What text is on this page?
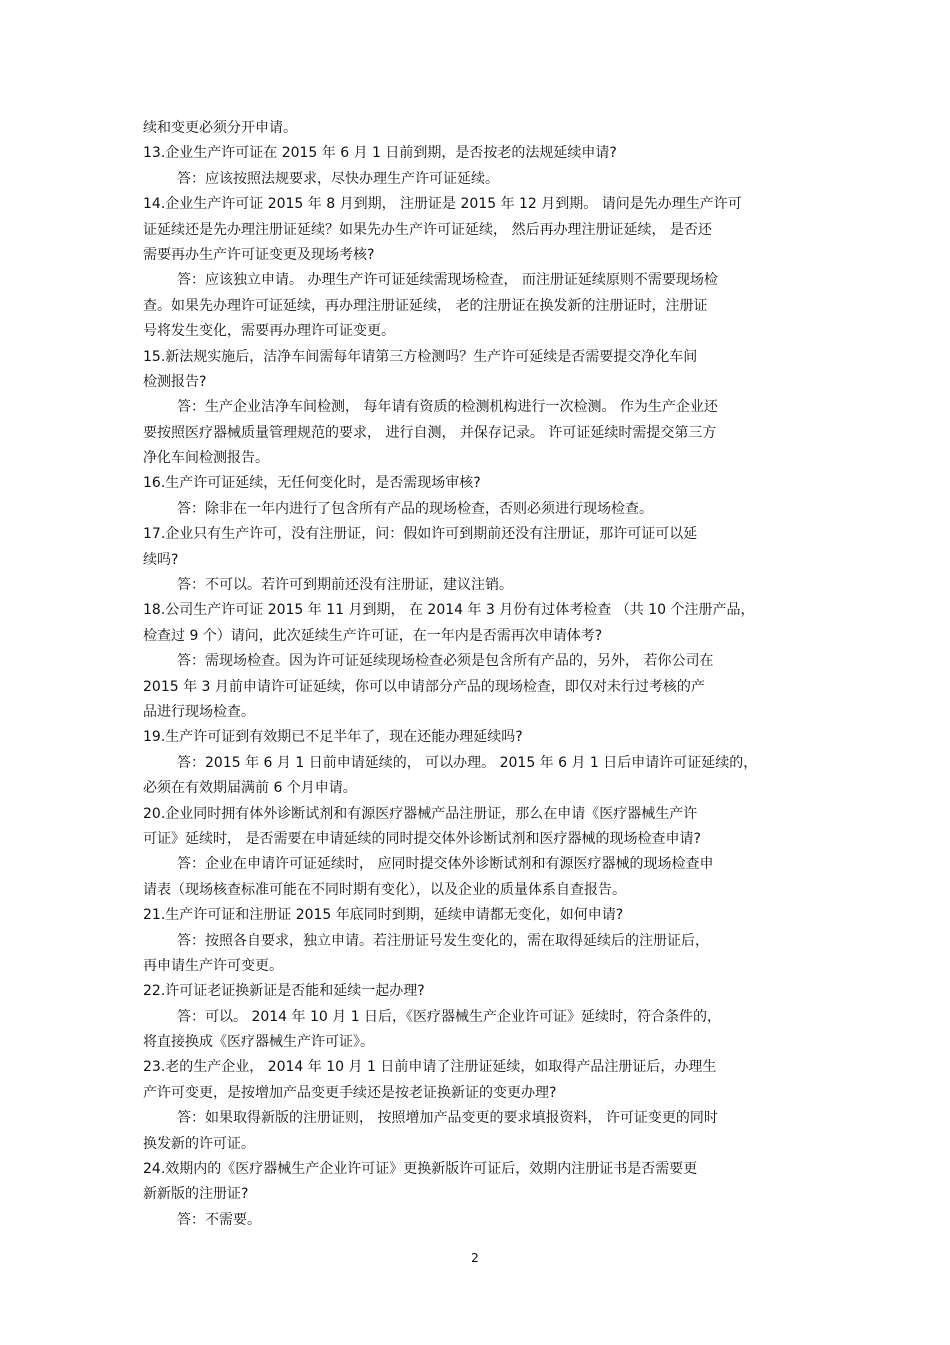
续和变更必须分开申请。
13.企业生产许可证在 2015 年 6 月 1 日前到期，是否按老的法规延续申请?
答：应该按照法规要求，尽快办理生产许可证延续。
14.企业生产许可证 2015 年 8 月到期， 注册证是 2015 年 12 月到期。 请问是先办理生产许可
证延续还是先办理注册证延续？如果先办生产许可证延续， 然后再办理注册证延续， 是否还
需要再办生产许可证变更及现场考核?
答：应该独立申请。 办理生产许可证延续需现场检查， 而注册证延续原则不需要现场检
查。如果先办理许可证延续，再办理注册证延续， 老的注册证在换发新的注册证时，注册证
号将发生变化，需要再办理许可证变更。
15.新法规实施后，洁净车间需每年请第三方检测吗？生产许可延续是否需要提交净化车间
检测报告?
答：生产企业洁净车间检测， 每年请有资质的检测机构进行一次检测。 作为生产企业还
要按照医疗器械质量管理规范的要求， 进行自测， 并保存记录。 许可证延续时需提交第三方
净化车间检测报告。
16.生产许可证延续，无任何变化时，是否需现场审核?
答：除非在一年内进行了包含所有产品的现场检查，否则必须进行现场检查。
17.企业只有生产许可，没有注册证，问：假如许可到期前还没有注册证，那许可证可以延
续吗?
答：不可以。若许可到期前还没有注册证，建议注销。
18.公司生产许可证 2015 年 11 月到期， 在 2014 年 3 月份有过体考检查 （共 10 个注册产品，
检查过 9 个）请问，此次延续生产许可证，在一年内是否需再次申请体考?
答：需现场检查。因为许可证延续现场检查必须是包含所有产品的，另外， 若你公司在
2015 年 3 月前申请许可证延续，你可以申请部分产品的现场检查，即仅对未行过考核的产
品进行现场检查。
19.生产许可证到有效期已不足半年了，现在还能办理延续吗?
答：2015 年 6 月 1 日前申请延续的， 可以办理。 2015 年 6 月 1 日后申请许可证延续的，
必须在有效期届满前 6 个月申请。
20.企业同时拥有体外诊断试剂和有源医疗器械产品注册证，那么在申请《医疗器械生产许
可证》延续时， 是否需要在申请延续的同时提交体外诊断试剂和医疗器械的现场检查申请?
答：企业在申请许可证延续时， 应同时提交体外诊断试剂和有源医疗器械的现场检查申
请表（现场核查标准可能在不同时期有变化），以及企业的质量体系自查报告。
21.生产许可证和注册证 2015 年底同时到期，延续申请都无变化，如何申请?
答：按照各自要求，独立申请。若注册证号发生变化的，需在取得延续后的注册证后，
再申请生产许可变更。
22.许可证老证换新证是否能和延续一起办理?
答：可以。 2014 年 10 月 1 日后，《医疗器械生产企业许可证》延续时，符合条件的，
将直接换成《医疗器械生产许可证》。
23.老的生产企业， 2014 年 10 月 1 日前申请了注册证延续，如取得产品注册证后，办理生
产许可变更，是按增加产品变更手续还是按老证换新证的变更办理?
答：如果取得新版的注册证则， 按照增加产品变更的要求填报资料， 许可证变更的同时
换发新的许可证。
24.效期内的《医疗器械生产企业许可证》更换新版许可证后，效期内注册证书是否需要更
新新版的注册证?
答：不需要。
2
